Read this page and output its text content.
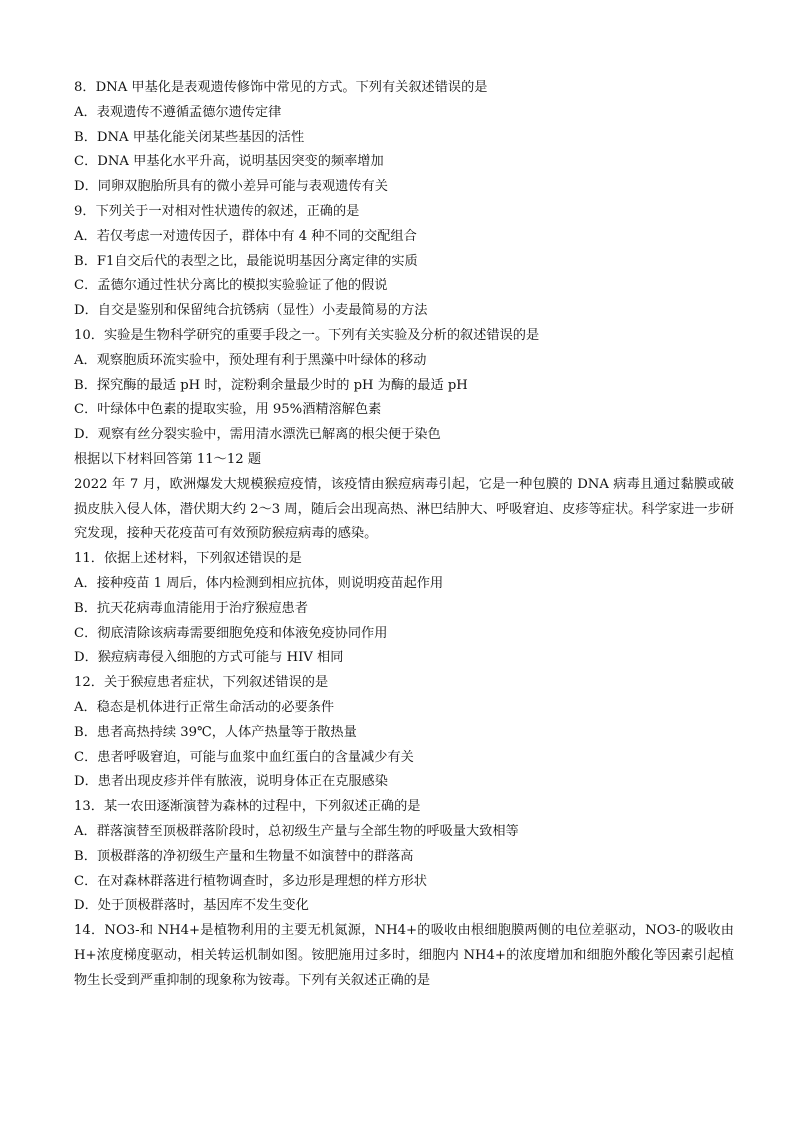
8．DNA 甲基化是表观遗传修饰中常见的方式。下列有关叙述错误的是
A．表观遗传不遵循孟德尔遗传定律
B．DNA 甲基化能关闭某些基因的活性
C．DNA 甲基化水平升高，说明基因突变的频率增加
D．同卵双胞胎所具有的微小差异可能与表观遗传有关
9．下列关于一对相对性状遗传的叙述，正确的是
A．若仅考虑一对遗传因子，群体中有 4 种不同的交配组合
B．F1自交后代的表型之比，最能说明基因分离定律的实质
C．孟德尔通过性状分离比的模拟实验验证了他的假说
D．自交是鉴别和保留纯合抗锈病（显性）小麦最简易的方法
10．实验是生物科学研究的重要手段之一。下列有关实验及分析的叙述错误的是
A．观察胞质环流实验中，预处理有利于黑藻中叶绿体的移动
B．探究酶的最适 pH 时，淀粉剩余量最少时的 pH 为酶的最适 pH
C．叶绿体中色素的提取实验，用 95%酒精溶解色素
D．观察有丝分裂实验中，需用清水漂洗已解离的根尖便于染色
根据以下材料回答第 11～12 题
2022 年 7 月，欧洲爆发大规模猴痘疫情，该疫情由猴痘病毒引起，它是一种包膜的 DNA 病毒且通过黏膜或破损皮肤入侵人体，潜伏期大约 2～3 周，随后会出现高热、淋巴结肿大、呼吸窘迫、皮疹等症状。科学家进一步研究发现，接种天花疫苗可有效预防猴痘病毒的感染。
11．依据上述材料，下列叙述错误的是
A．接种疫苗 1 周后，体内检测到相应抗体，则说明疫苗起作用
B．抗天花病毒血清能用于治疗猴痘患者
C．彻底清除该病毒需要细胞免疫和体液免疫协同作用
D．猴痘病毒侵入细胞的方式可能与 HIV 相同
12．关于猴痘患者症状，下列叙述错误的是
A．稳态是机体进行正常生命活动的必要条件
B．患者高热持续 39℃，人体产热量等于散热量
C．患者呼吸窘迫，可能与血浆中血红蛋白的含量减少有关
D．患者出现皮疹并伴有脓液，说明身体正在克服感染
13．某一农田逐渐演替为森林的过程中，下列叙述正确的是
A．群落演替至顶极群落阶段时，总初级生产量与全部生物的呼吸量大致相等
B．顶极群落的净初级生产量和生物量不如演替中的群落高
C．在对森林群落进行植物调查时，多边形是理想的样方形状
D．处于顶极群落时，基因库不发生变化
14．NO3-和 NH4+是植物利用的主要无机氮源，NH4+的吸收由根细胞膜两侧的电位差驱动，NO3-的吸收由 H+浓度梯度驱动，相关转运机制如图。铵肥施用过多时，细胞内 NH4+的浓度增加和细胞外酸化等因素引起植物生长受到严重抑制的现象称为铵毒。下列有关叙述正确的是
